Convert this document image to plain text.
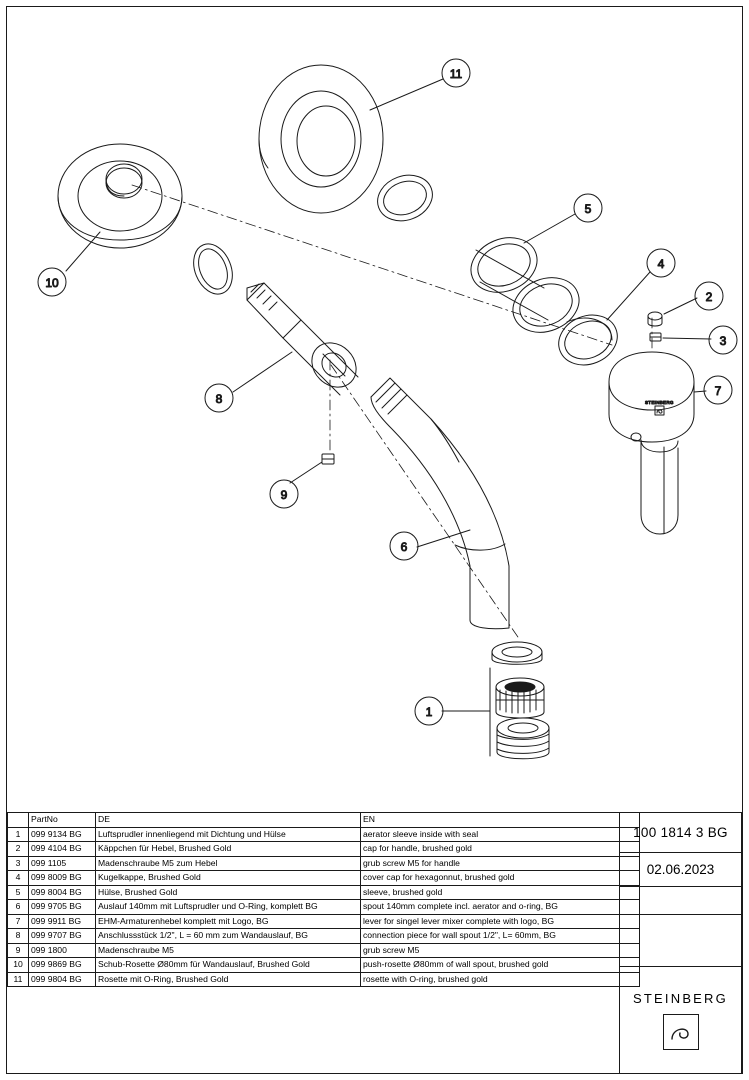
STEINBERG
11
10
5
4
2
3
7
8
9
6
1
	PartNo	DE	EN
1	099 9134 BG	Luftsprudler innenliegend mit Dichtung und Hülse	aerator sleeve inside with seal
2	099 4104 BG	Käppchen für Hebel, Brushed Gold	cap for handle, brushed gold
3	099 1105	Madenschraube M5 zum Hebel	grub screw M5 for handle
4	099 8009 BG	Kugelkappe, Brushed Gold	cover cap for hexagonnut, brushed gold
5	099 8004 BG	Hülse, Brushed Gold	sleeve, brushed gold
6	099 9705 BG	Auslauf 140mm mit Luftsprudler und O-Ring, komplett BG	spout 140mm complete incl. aerator and o-ring, BG
7	099 9911 BG	EHM-Armaturenhebel komplett mit Logo, BG	lever for singel lever mixer complete with logo, BG
8	099 9707 BG	Anschlussstück 1/2", L = 60 mm zum Wandauslauf, BG	connection piece for wall spout 1/2", L= 60mm, BG
9	099 1800	Madenschraube M5	grub screw M5
10	099 9869 BG	Schub-Rosette Ø80mm für Wandauslauf, Brushed Gold	push-rosette Ø80mm of wall spout, brushed gold
11	099 9804 BG	Rosette mit O-Ring, Brushed Gold	rosette with O-ring, brushed gold
100 1814 3 BG
02.06.2023
STEINBERG
